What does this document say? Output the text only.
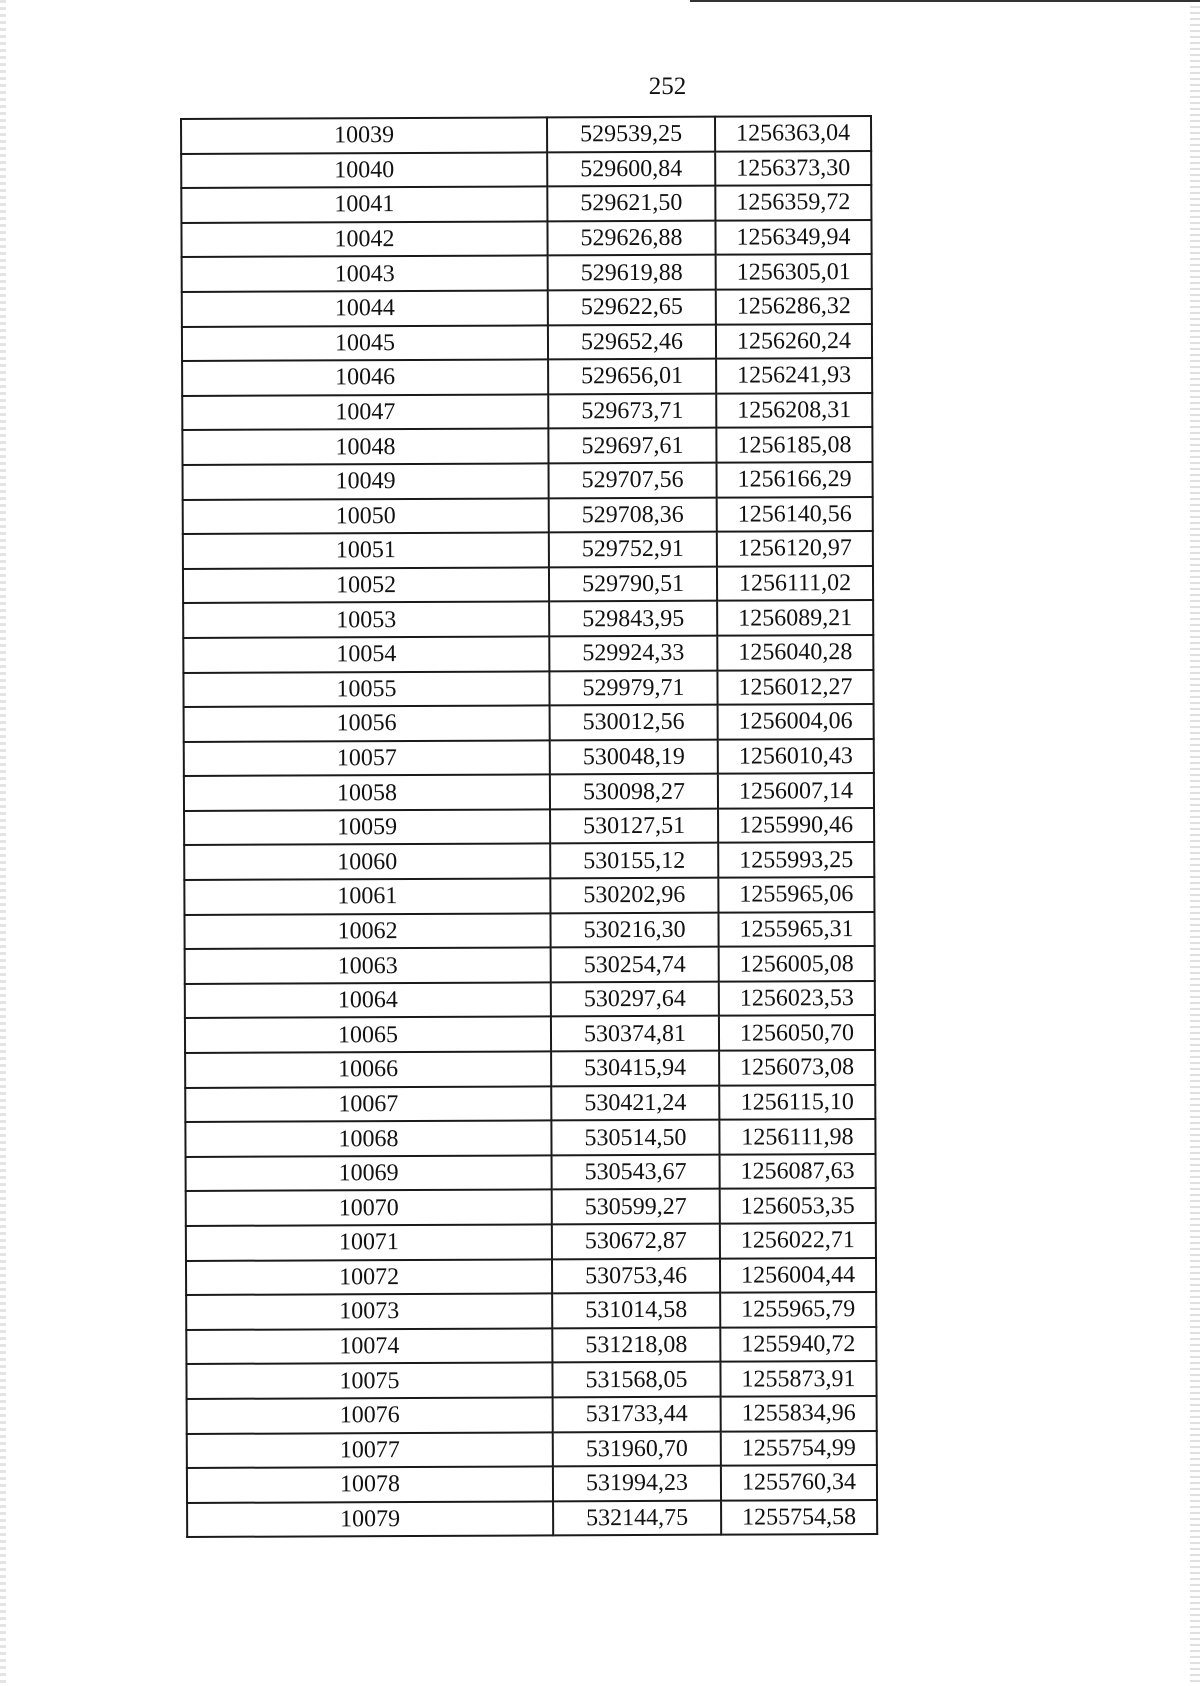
252
10039	529539,25	1256363,04
10040	529600,84	1256373,30
10041	529621,50	1256359,72
10042	529626,88	1256349,94
10043	529619,88	1256305,01
10044	529622,65	1256286,32
10045	529652,46	1256260,24
10046	529656,01	1256241,93
10047	529673,71	1256208,31
10048	529697,61	1256185,08
10049	529707,56	1256166,29
10050	529708,36	1256140,56
10051	529752,91	1256120,97
10052	529790,51	1256111,02
10053	529843,95	1256089,21
10054	529924,33	1256040,28
10055	529979,71	1256012,27
10056	530012,56	1256004,06
10057	530048,19	1256010,43
10058	530098,27	1256007,14
10059	530127,51	1255990,46
10060	530155,12	1255993,25
10061	530202,96	1255965,06
10062	530216,30	1255965,31
10063	530254,74	1256005,08
10064	530297,64	1256023,53
10065	530374,81	1256050,70
10066	530415,94	1256073,08
10067	530421,24	1256115,10
10068	530514,50	1256111,98
10069	530543,67	1256087,63
10070	530599,27	1256053,35
10071	530672,87	1256022,71
10072	530753,46	1256004,44
10073	531014,58	1255965,79
10074	531218,08	1255940,72
10075	531568,05	1255873,91
10076	531733,44	1255834,96
10077	531960,70	1255754,99
10078	531994,23	1255760,34
10079	532144,75	1255754,58
